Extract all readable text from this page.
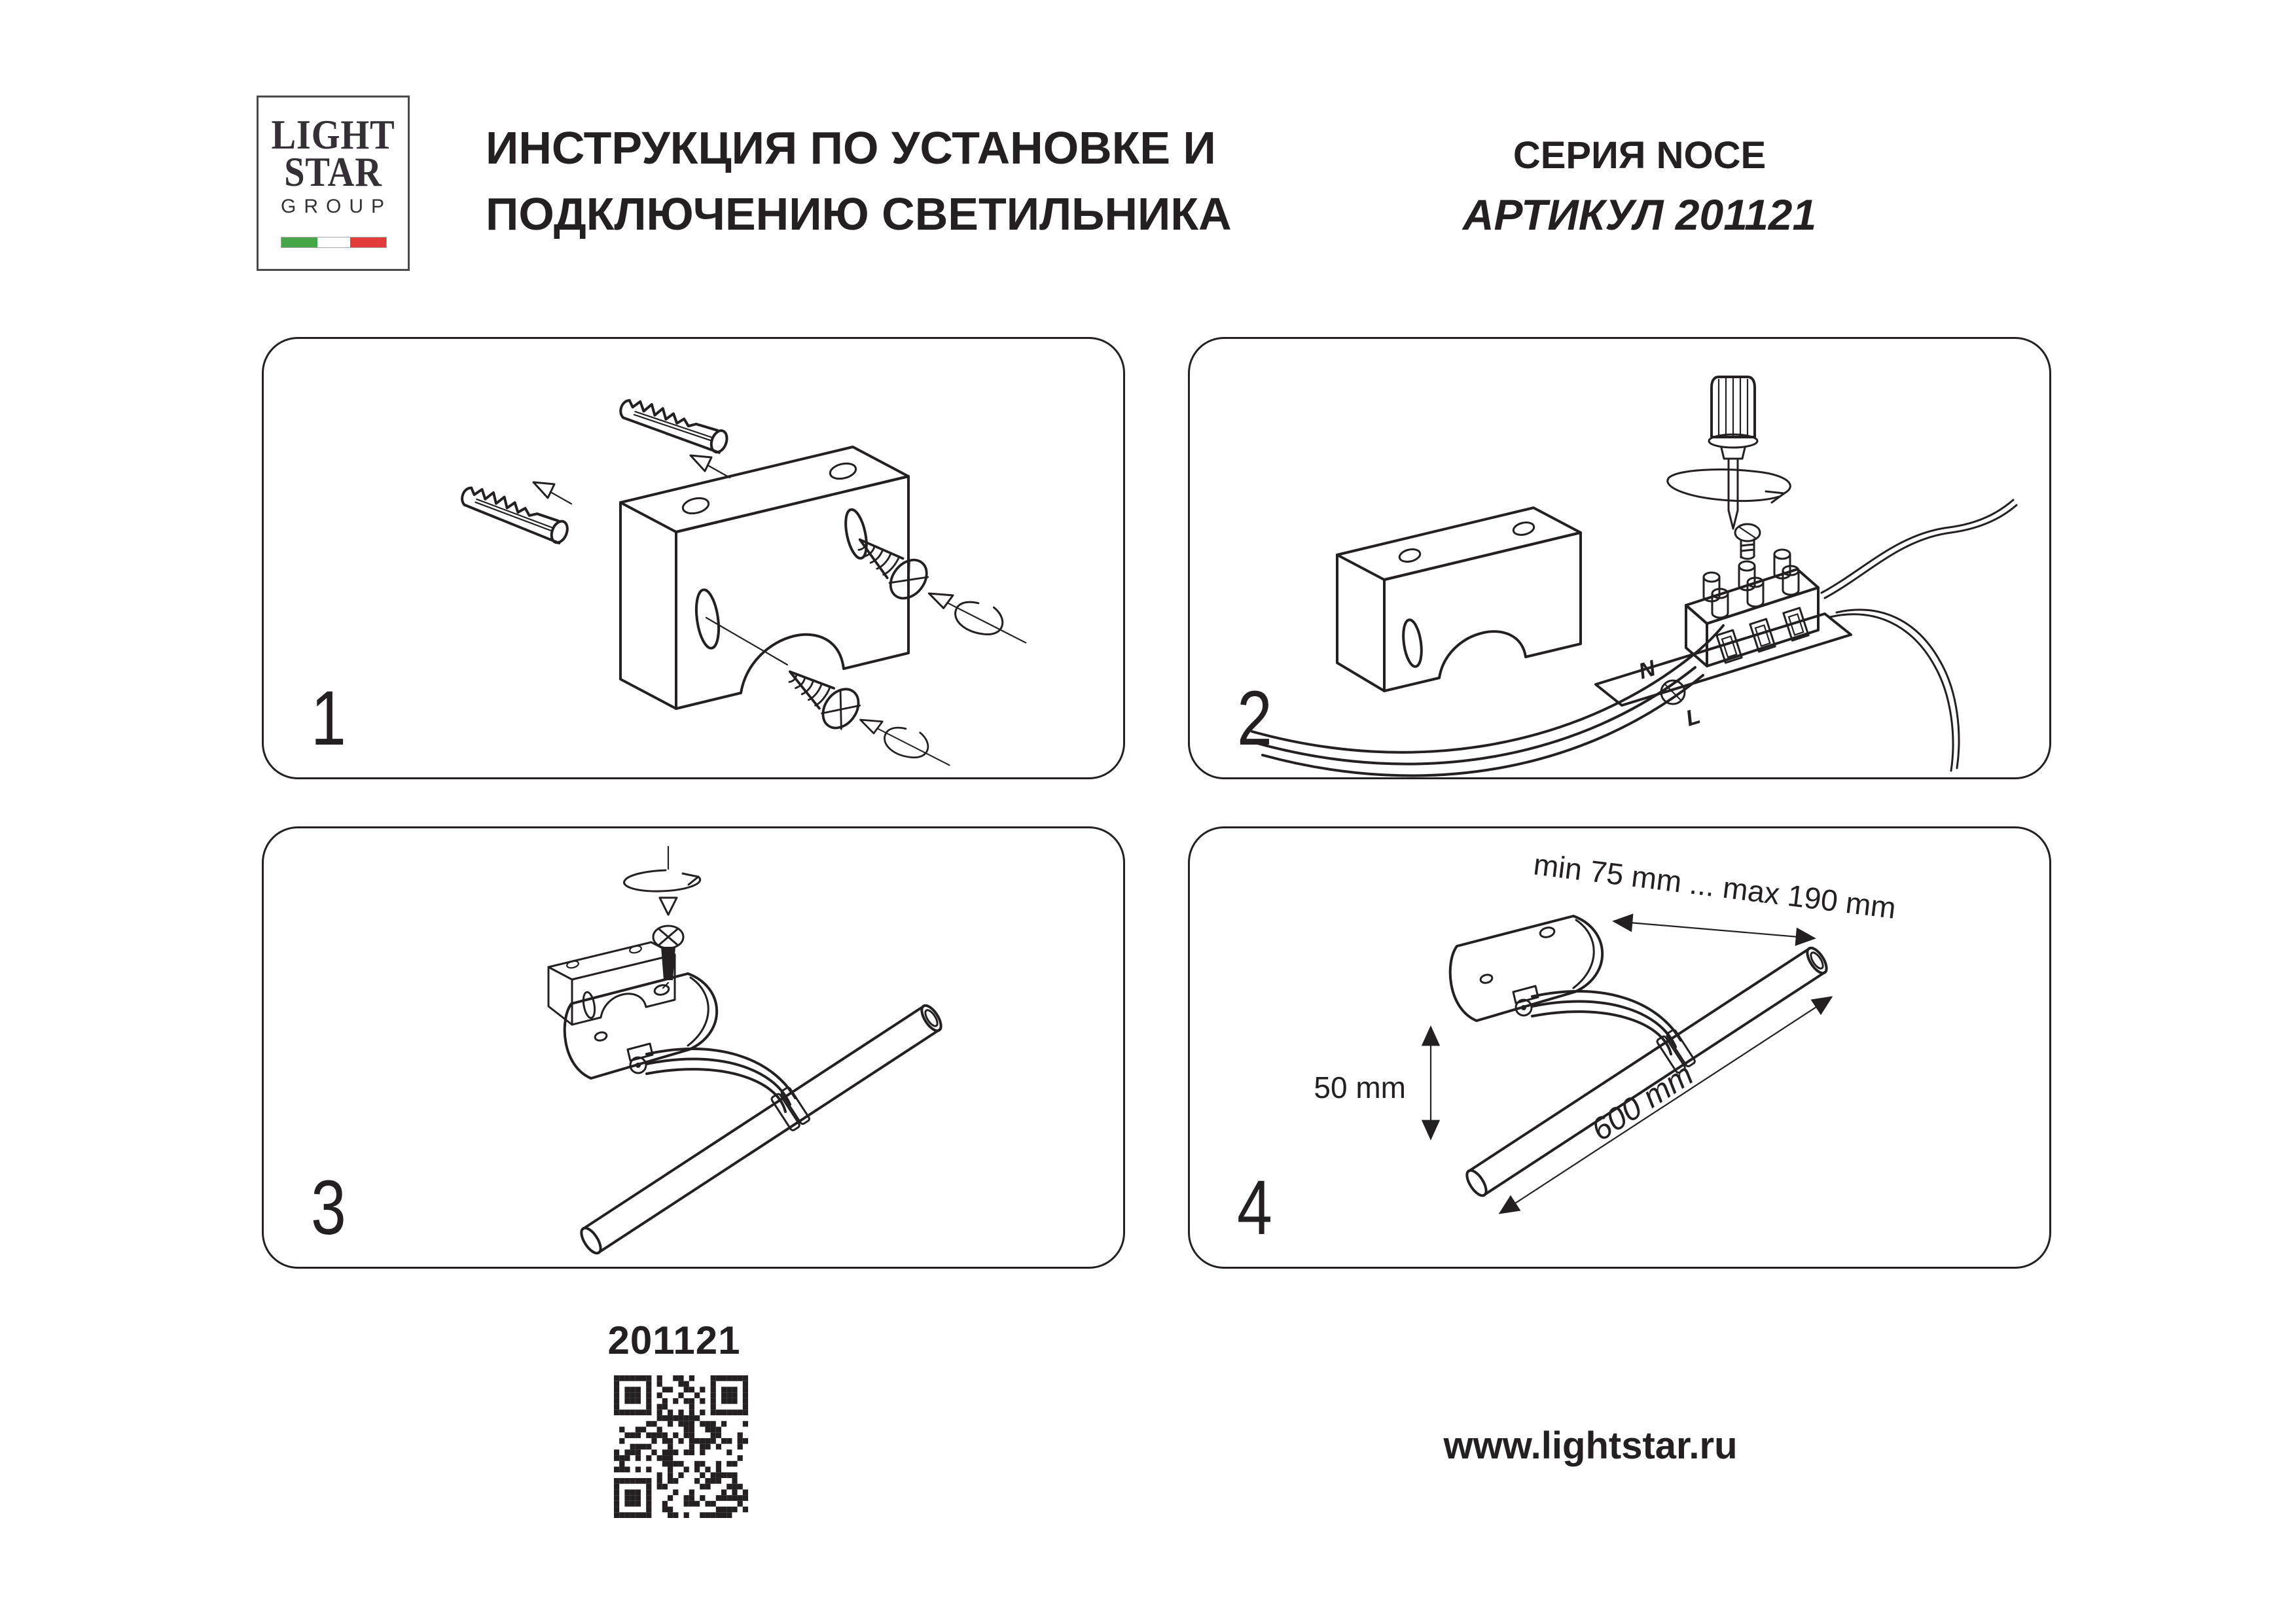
LIGHT
STAR
GROUP
ИНСТРУКЦИЯ ПО УСТАНОВКЕ И
ПОДКЛЮЧЕНИЮ СВЕТИЛЬНИКА
СЕРИЯ NOCE
АРТИКУЛ 201121
1
N
L
2
3
min 75 mm ... max 190 mm
50 mm	600 mm
4
201121
www.lightstar.ru
